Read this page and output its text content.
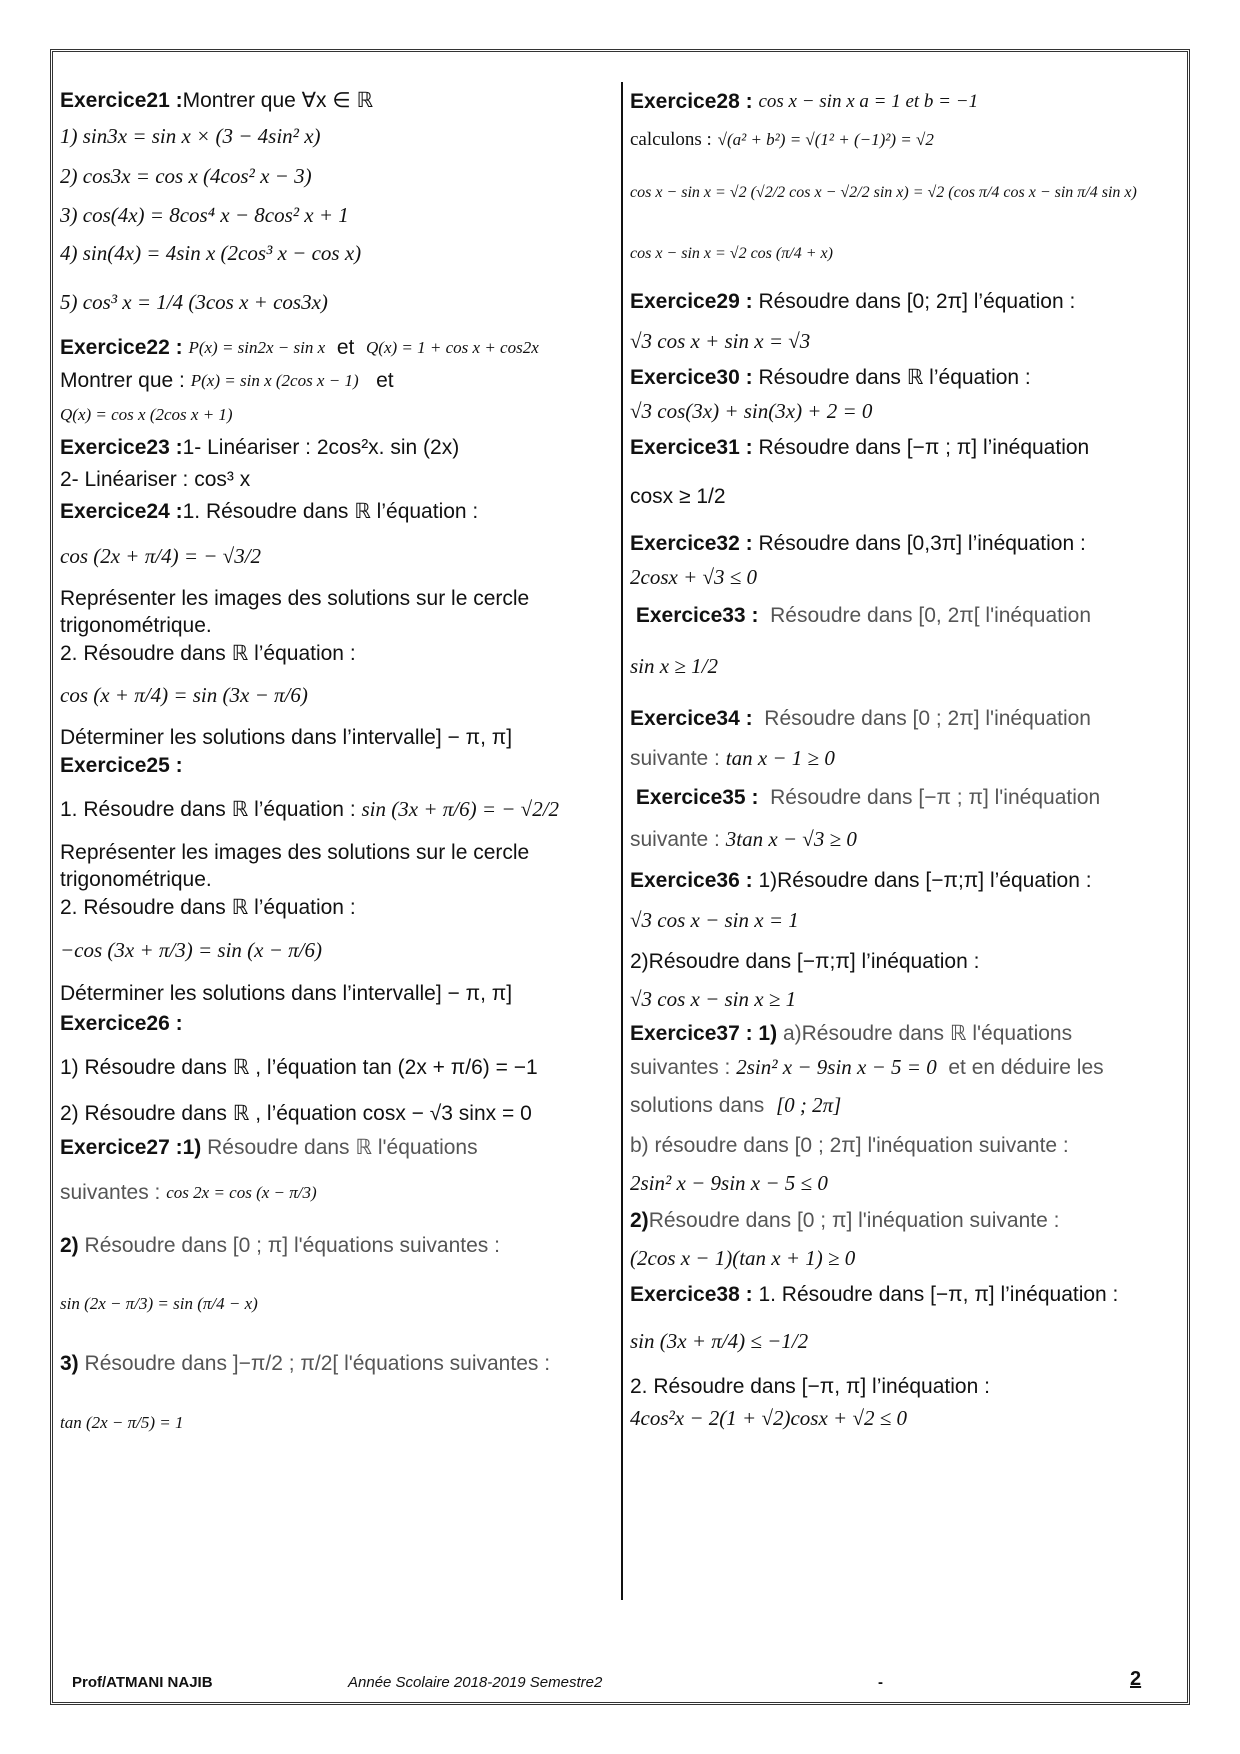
Exercice21 : Montrer que ∀x ∈ ℝ
1) sin3x = sin x × (3 − 4sin² x)
2) cos3x = cos x (4cos² x − 3)
3) cos(4x) = 8cos⁴ x − 8cos² x + 1
4) sin(4x) = 4sin x (2cos³ x − cos x)
5) cos³ x = 1/4 (3cos x + cos3x)
Exercice22 :
P(x) = sin2x − sin x
et
Q(x) = 1 + cos x + cos2x
Montrer que :
P(x) = sin x (2cos x − 1)
et
Q(x) = cos x (2cos x + 1)
Exercice23 : 1- Linéariser : 2cos²x. sin (2x)
2- Linéariser : cos³ x
Exercice24 : 1. Résoudre dans ℝ l’équation :
cos (2x + π/4) = − √3/2
Représenter les images des solutions sur le cercle
trigonométrique.
2. Résoudre dans ℝ l’équation :
cos (x + π/4) = sin (3x − π/6)
Déterminer les solutions dans l’intervalle] − π, π]
Exercice25 :
1. Résoudre dans ℝ l’équation :
sin (3x + π/6) = − √2/2
Représenter les images des solutions sur le cercle
trigonométrique.
2. Résoudre dans ℝ l’équation :
−cos (3x + π/3) = sin (x − π/6)
Déterminer les solutions dans l’intervalle] − π, π]
Exercice26 :
1) Résoudre dans ℝ , l’équation tan (2x + π/6) = −1
2) Résoudre dans ℝ , l’équation cosx − √3 sinx = 0
Exercice27 :1)
Résoudre dans ℝ l'équations
suivantes :
cos 2x = cos (x − π/3)
2)
Résoudre dans [0 ; π] l'équations suivantes :
sin (2x − π/3) = sin (π/4 − x)
3)
Résoudre dans ]−π/2 ; π/2[ l'équations suivantes :
tan (2x − π/5) = 1
Exercice28 :
cos x − sin x a = 1 et b = −1
calculons :
√(a² + b²) = √(1² + (−1)²) = √2
cos x − sin x = √2 (√2/2 cos x − √2/2 sin x) = √2 (cos π/4 cos x − sin π/4 sin x)
cos x − sin x = √2 cos (π/4 + x)
Exercice29 :
Résoudre dans [0; 2π] l’équation :
√3 cos x + sin x = √3
Exercice30 :
Résoudre dans ℝ l’équation :
√3 cos(3x) + sin(3x) + 2 = 0
Exercice31 :
Résoudre dans [−π ; π] l’inéquation
cosx ≥ 1/2
Exercice32 :
Résoudre dans [0,3π] l’inéquation :
2cosx + √3 ≤ 0

Exercice33 :
Résoudre dans [0, 2π[ l'inéquation
sin x ≥ 1/2
Exercice34 :
Résoudre dans [0 ; 2π] l'inéquation
suivante :
tan x − 1 ≥ 0

Exercice35 :
Résoudre dans [−π ; π] l'inéquation
suivante :
3tan x − √3 ≥ 0
Exercice36 :
1)Résoudre dans [−π;π] l’équation :
√3 cos x − sin x = 1
2)Résoudre dans [−π;π] l’inéquation :
√3 cos x − sin x ≥ 1
Exercice37 : 1)
a)Résoudre dans ℝ l'équations
suivantes :
2sin² x − 9sin x − 5 = 0
et en déduire les
solutions dans
[0 ; 2π]
b) résoudre dans [0 ; 2π] l'inéquation suivante :
2sin² x − 9sin x − 5 ≤ 0
2) Résoudre dans [0 ; π] l'inéquation suivante :
(2cos x − 1)(tan x + 1) ≥ 0
Exercice38 :
1. Résoudre dans [−π, π] l’inéquation :
sin (3x + π/4) ≤ −1/2
2. Résoudre dans [−π, π] l’inéquation :
4cos²x − 2(1 + √2)cosx + √2 ≤ 0
Prof/ATMANI NAJIB	Année Scolaire 2018-2019 Semestre2	-	2
